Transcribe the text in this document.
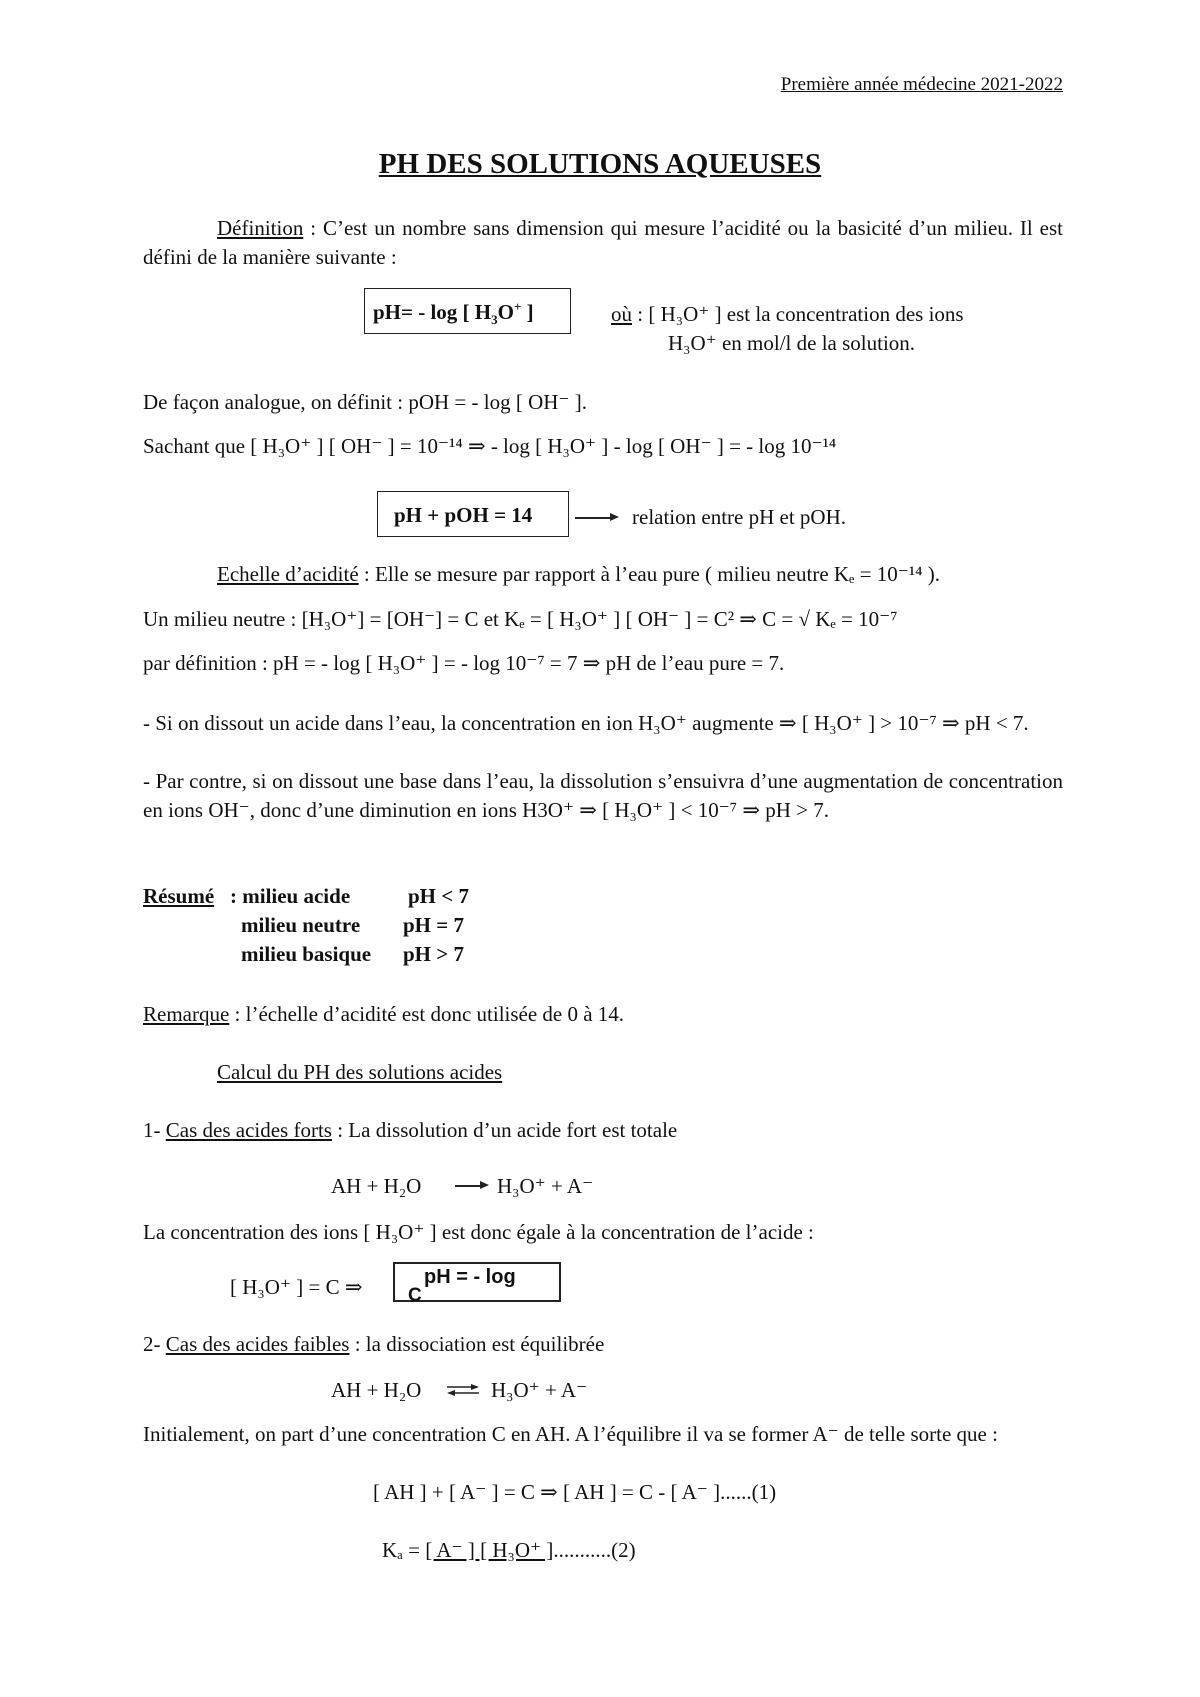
Première année médecine 2021-2022
PH DES SOLUTIONS AQUEUSES
Définition : C’est un nombre sans dimension qui mesure l’acidité ou la basicité d’un milieu. Il est défini de la manière suivante :
pH= - log [ $H_3O^+$ ]	où : [ H₃O⁺ ] est la concentration des ions
H₃O⁺ en mol/l de la solution.
De façon analogue, on définit : pOH = - log [ OH⁻ ].
Sachant que [ H₃O⁺ ] [ OH⁻ ] = 10⁻¹⁴ ⇒ - log [ H₃O⁺ ] - log [ OH⁻ ] = - log 10⁻¹⁴
pH + pOH = 14	relation entre pH et pOH.
Echelle d’acidité : Elle se mesure par rapport à l’eau pure ( milieu neutre Kₑ = 10⁻¹⁴ ).
Un milieu neutre : [H₃O⁺] = [OH⁻] = C et Kₑ = [ H₃O⁺ ] [ OH⁻ ] = C² ⇒ C = √ Kₑ = 10⁻⁷
par définition : pH = - log [ H₃O⁺ ] = - log 10⁻⁷ = 7 ⇒ pH de l’eau pure = 7.
- Si on dissout un acide dans l’eau, la concentration en ion H₃O⁺ augmente ⇒ [ H₃O⁺ ] > 10⁻⁷ ⇒ pH < 7.
- Par contre, si on dissout une base dans l’eau, la dissolution s’ensuivra d’une augmentation de concentration en ions OH⁻, donc d’une diminution en ions H3O⁺ ⇒ [ H₃O⁺ ] < 10⁻⁷ ⇒ pH > 7.
Résumé : milieu acide	pH < 7
milieu neutre pH = 7
milieu basique pH > 7
Remarque : l’échelle d’acidité est donc utilisée de 0 à 14.
Calcul du PH des solutions acides
1- Cas des acides forts : La dissolution d’un acide fort est totale
AH + H₂O	H₃O⁺ + A⁻
La concentration des ions [ H₃O⁺ ] est donc égale à la concentration de l’acide :
[ H₃O⁺ ] = C ⇒	pH = - log
C
2- Cas des acides faibles : la dissociation est équilibrée
AH + H₂O ⇌ H₃O⁺ + A⁻
Initialement, on part d’une concentration C en AH. A l’équilibre il va se former A⁻ de telle sorte que :
[ AH ] + [ A⁻ ] = C ⇒ [ AH ] = C - [ A⁻ ]......(1)
Kₐ = [ A⁻ ] [ H₃O⁺ ]...........(2)
